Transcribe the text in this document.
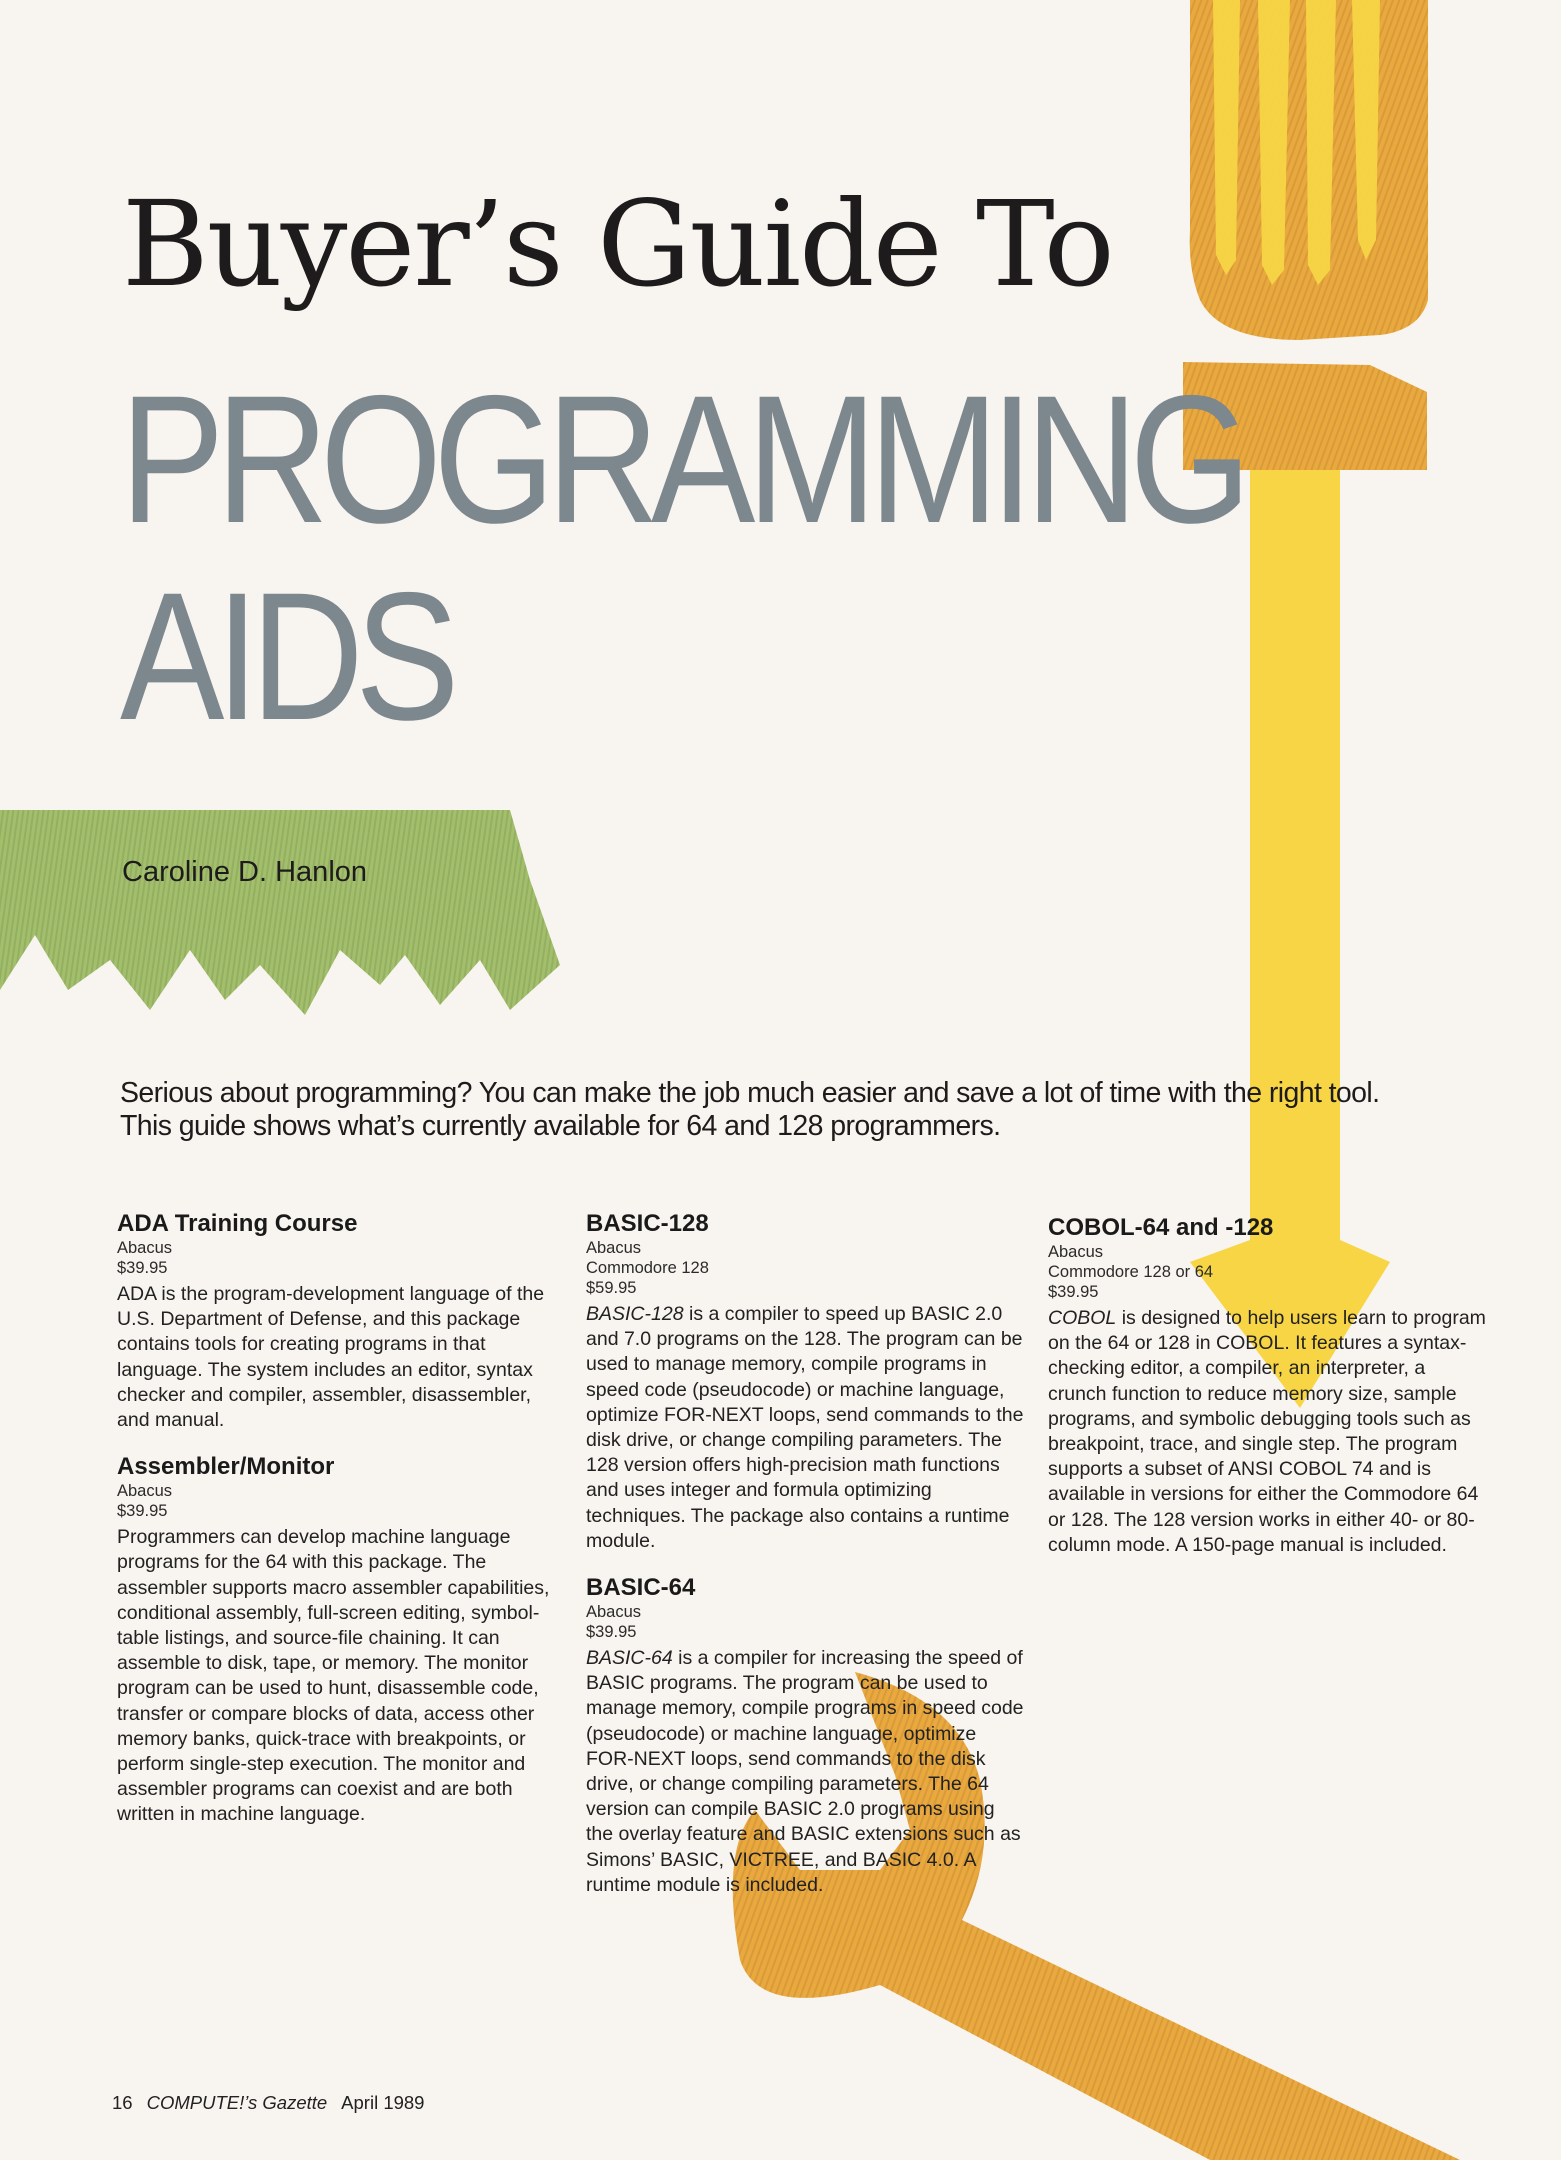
Buyer’s Guide To
PROGRAMMING
AIDS
Caroline D. Hanlon

Serious about programming? You can make the job much easier and save a lot of time with the right tool.

This guide shows what’s currently available for 64 and 128 programmers.

ADA Training Course
Abacus
$39.95

ADA is the program-development language of the U.S. Department of Defense, and this package contains tools for creating programs in that language. The system includes an editor, syntax checker and compiler, assembler, disassembler, and manual.

Assembler/Monitor
Abacus
$39.95

Programmers can develop machine language programs for the 64 with this package. The assembler supports macro assembler capabilities, conditional assembly, full-screen editing, symbol-table listings, and source-file chaining. It can assemble to disk, tape, or memory. The monitor program can be used to hunt, disassemble code, transfer or compare blocks of data, access other memory banks, quick-trace with breakpoints, or perform single-step execution. The monitor and assembler programs can coexist and are both written in machine language.

BASIC-128
Abacus
Commodore 128
$59.95

BASIC-128 is a compiler to speed up BASIC 2.0 and 7.0 programs on the 128. The program can be used to manage memory, compile programs in speed code (pseudocode) or machine language, optimize FOR-NEXT loops, send commands to the disk drive, or change compiling parameters. The 128 version offers high-precision math functions and uses integer and formula optimizing techniques. The package also contains a runtime module.

BASIC-64
Abacus
$39.95

BASIC-64 is a compiler for increasing the speed of BASIC programs. The program can be used to manage memory, compile programs in speed code (pseudocode) or machine language, optimize FOR-NEXT loops, send commands to the disk drive, or change compiling parameters. The 64 version can compile BASIC 2.0 programs using the overlay feature and BASIC extensions such as Simons’ BASIC, VICTREE, and BASIC 4.0. A runtime module is included.

COBOL-64 and -128
Abacus
Commodore 128 or 64
$39.95

COBOL is designed to help users learn to program on the 64 or 128 in COBOL. It features a syntax-checking editor, a compiler, an interpreter, a crunch function to reduce memory size, sample programs, and symbolic debugging tools such as breakpoint, trace, and single step. The program supports a subset of ANSI COBOL 74 and is available in versions for either the Commodore 64 or 128. The 128 version works in either 40- or 80-column mode. A 150-page manual is included.

16 COMPUTE!’s Gazette April 1989
